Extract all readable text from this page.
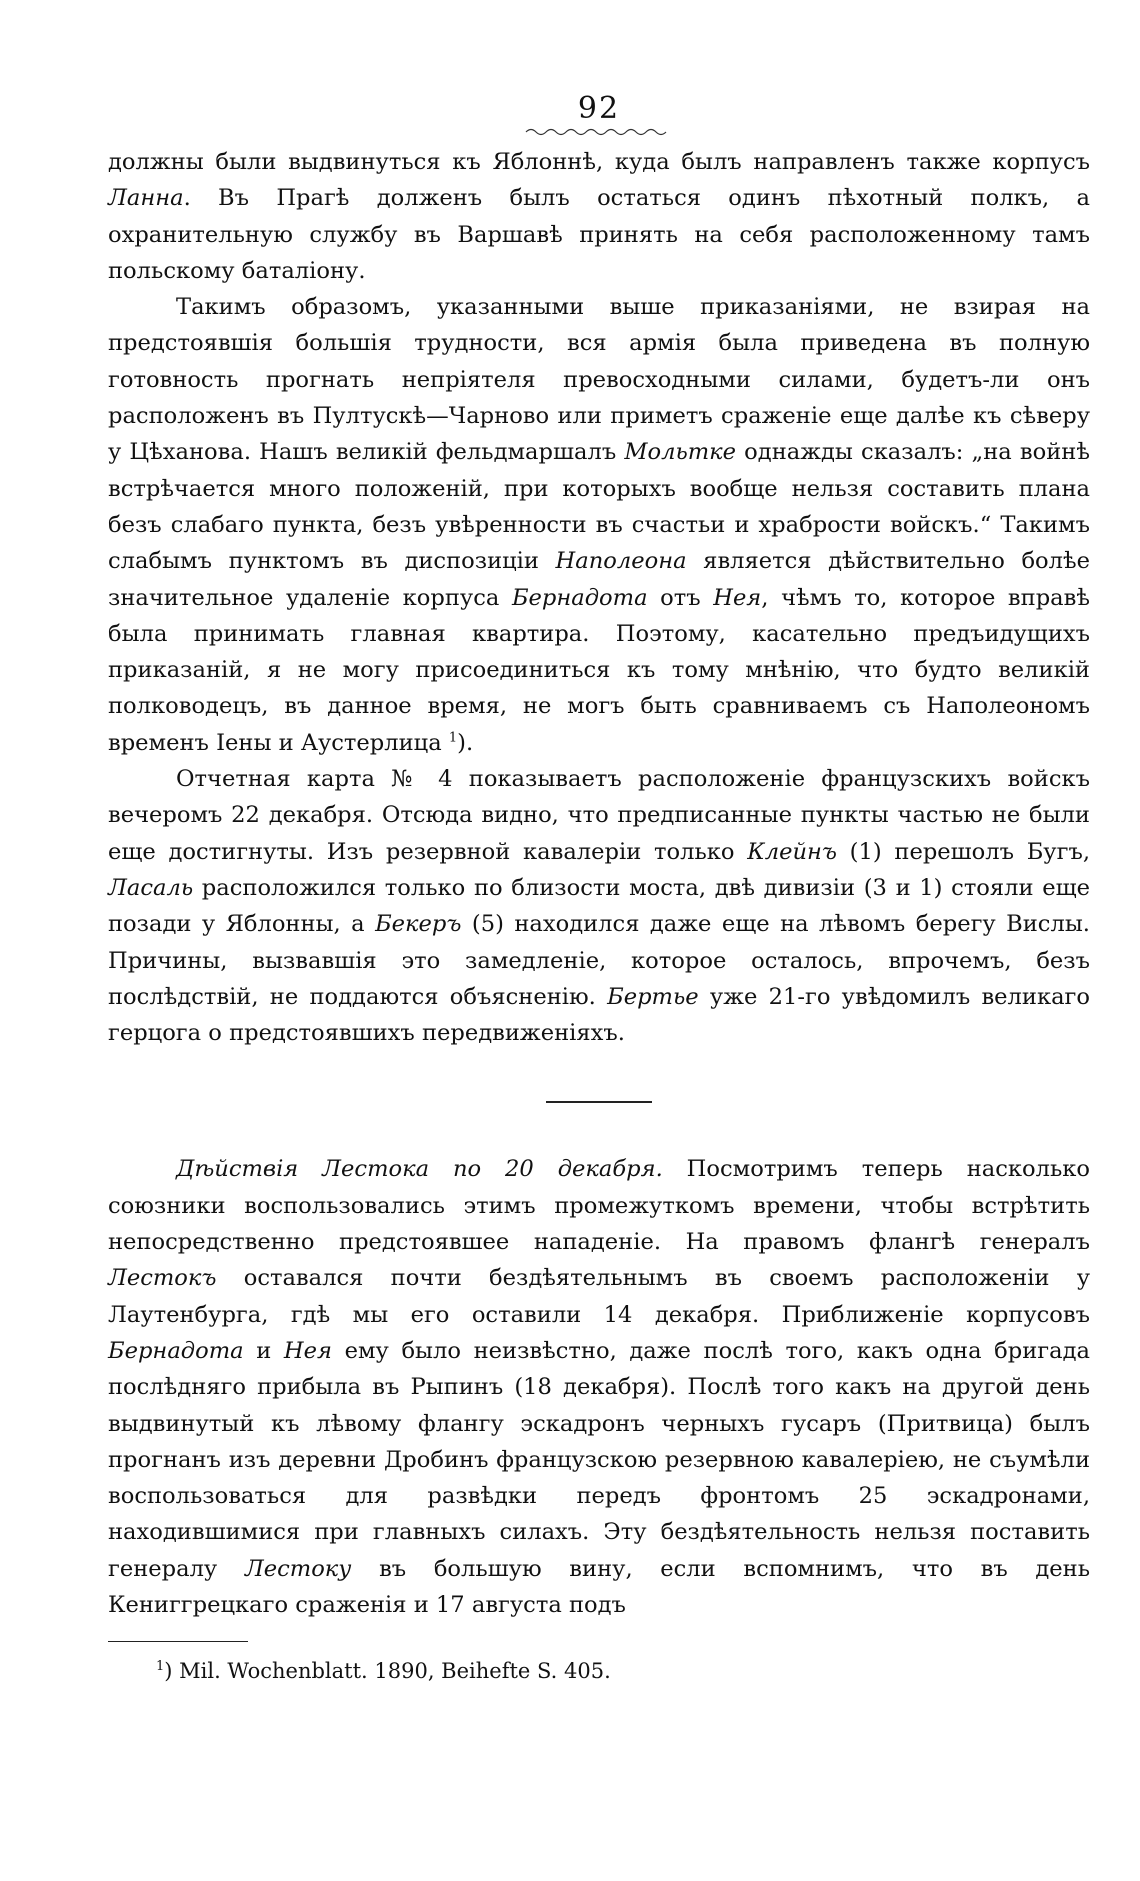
92

должны были выдвинуться къ Яблоннѣ, куда былъ направленъ также корпусъ Ланна. Въ Прагѣ долженъ былъ остаться одинъ пѣхотный полкъ, а охранительную службу въ Варшавѣ принять на себя расположенному тамъ польскому баталіону.

Такимъ образомъ, указанными выше приказаніями, не взирая на предстоявшія большія трудности, вся армія была приведена въ полную готовность прогнать непріятеля превосходными силами, будетъ-ли онъ расположенъ въ Пултускѣ—Чарново или приметъ сраженіе еще далѣе къ сѣверу у Цѣханова. Нашъ великій фельдмаршалъ Мольтке однажды сказалъ: „на войнѣ встрѣчается много положеній, при которыхъ вообще нельзя составить плана безъ слабаго пункта, безъ увѣренности въ счастьи и храбрости войскъ.“ Такимъ слабымъ пунктомъ въ диспозиціи Наполеона является дѣйствительно болѣе значительное удаленіе корпуса Бернадота отъ Нея, чѣмъ то, которое вправѣ была принимать главная квартира. Поэтому, касательно предъидущихъ приказаній, я не могу присоединиться къ тому мнѣнію, что будто великій полководецъ, въ данное время, не могъ быть сравниваемъ съ Наполеономъ временъ Іены и Аустерлица $^1$).

Отчетная карта № 4 показываетъ расположеніе французскихъ войскъ вечеромъ 22 декабря. Отсюда видно, что предписанные пункты частью не были еще достигнуты. Изъ резервной кавалеріи только Клейнъ (1) перешолъ Бугъ, Ласаль расположился только по близости моста, двѣ дивизіи (3 и 1) стояли еще позади у Яблонны, а Бекеръ (5) находился даже еще на лѣвомъ берегу Вислы. Причины, вызвавшія это замедленіе, которое осталось, впрочемъ, безъ послѣдствій, не поддаются объясненію. Бертье уже 21-го увѣдомилъ великаго герцога о предстоявшихъ передвиженіяхъ.

Дѣйствія Лестока по 20 декабря. Посмотримъ теперь насколько союзники воспользовались этимъ промежуткомъ времени, чтобы встрѣтить непосредственно предстоявшее нападеніе. На правомъ флангѣ генералъ Лестокъ оставался почти бездѣятельнымъ въ своемъ расположеніи у Лаутенбурга, гдѣ мы его оставили 14 декабря. Приближеніе корпусовъ Бернадота и Нея ему было неизвѣстно, даже послѣ того, какъ одна бригада послѣдняго прибыла въ Рыпинъ (18 декабря). Послѣ того какъ на другой день выдвинутый къ лѣвому флангу эскадронъ черныхъ гусаръ (Притвица) былъ прогнанъ изъ деревни Дробинъ французскою резервною кавалеріею, не съумѣли воспользоваться для развѣдки передъ фронтомъ 25 эскадронами, находившимися при главныхъ силахъ. Эту бездѣятельность нельзя поставить генералу Лестоку въ большую вину, если вспомнимъ, что въ день Кениггрецкаго сраженія и 17 августа подъ

$^1$) Mil. Wochenblatt. 1890, Beihefte S. 405.
